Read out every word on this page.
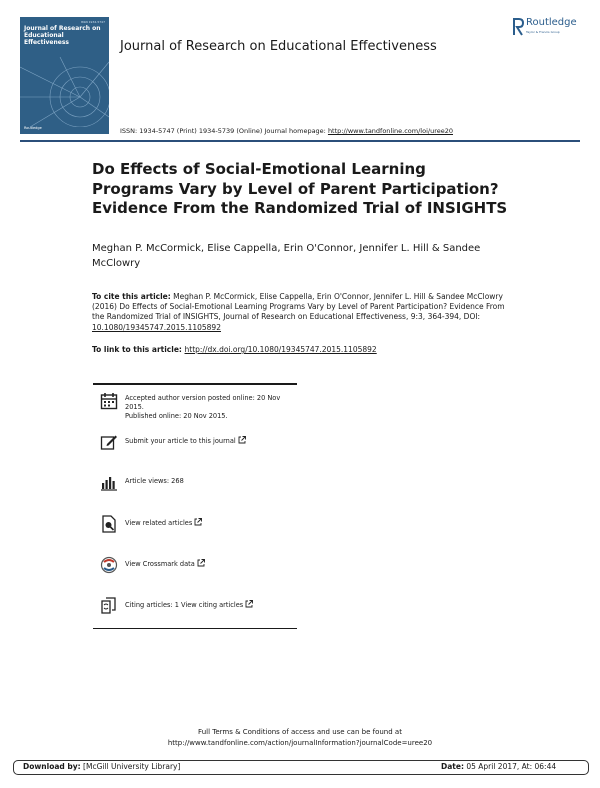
ISSN 1934-5747
Journal of Research on Educational Effectiveness
Routledge
Journal of Research on Educational Effectiveness
Routledge
Taylor & Francis Group
ISSN: 1934-5747 (Print) 1934-5739 (Online) Journal homepage: http://www.tandfonline.com/loi/uree20
Do Effects of Social-Emotional Learning Programs Vary by Level of Parent Participation? Evidence From the Randomized Trial of INSIGHTS
Meghan P. McCormick, Elise Cappella, Erin O'Connor, Jennifer L. Hill & Sandee McClowry
To cite this article: Meghan P. McCormick, Elise Cappella, Erin O'Connor, Jennifer L. Hill & Sandee McClowry (2016) Do Effects of Social-Emotional Learning Programs Vary by Level of Parent Participation? Evidence From the Randomized Trial of INSIGHTS, Journal of Research on Educational Effectiveness, 9:3, 364-394, DOI: 10.1080/19345747.2015.1105892
To link to this article: http://dx.doi.org/10.1080/19345747.2015.1105892
Accepted author version posted online: 20 Nov 2015.
Published online: 20 Nov 2015.
Submit your article to this journal
Article views: 268
View related articles
View Crossmark data
Citing articles: 1 View citing articles
Full Terms & Conditions of access and use can be found at
http://www.tandfonline.com/action/journalInformation?journalCode=uree20
Download by: [McGill University Library]	Date: 05 April 2017, At: 06:44
